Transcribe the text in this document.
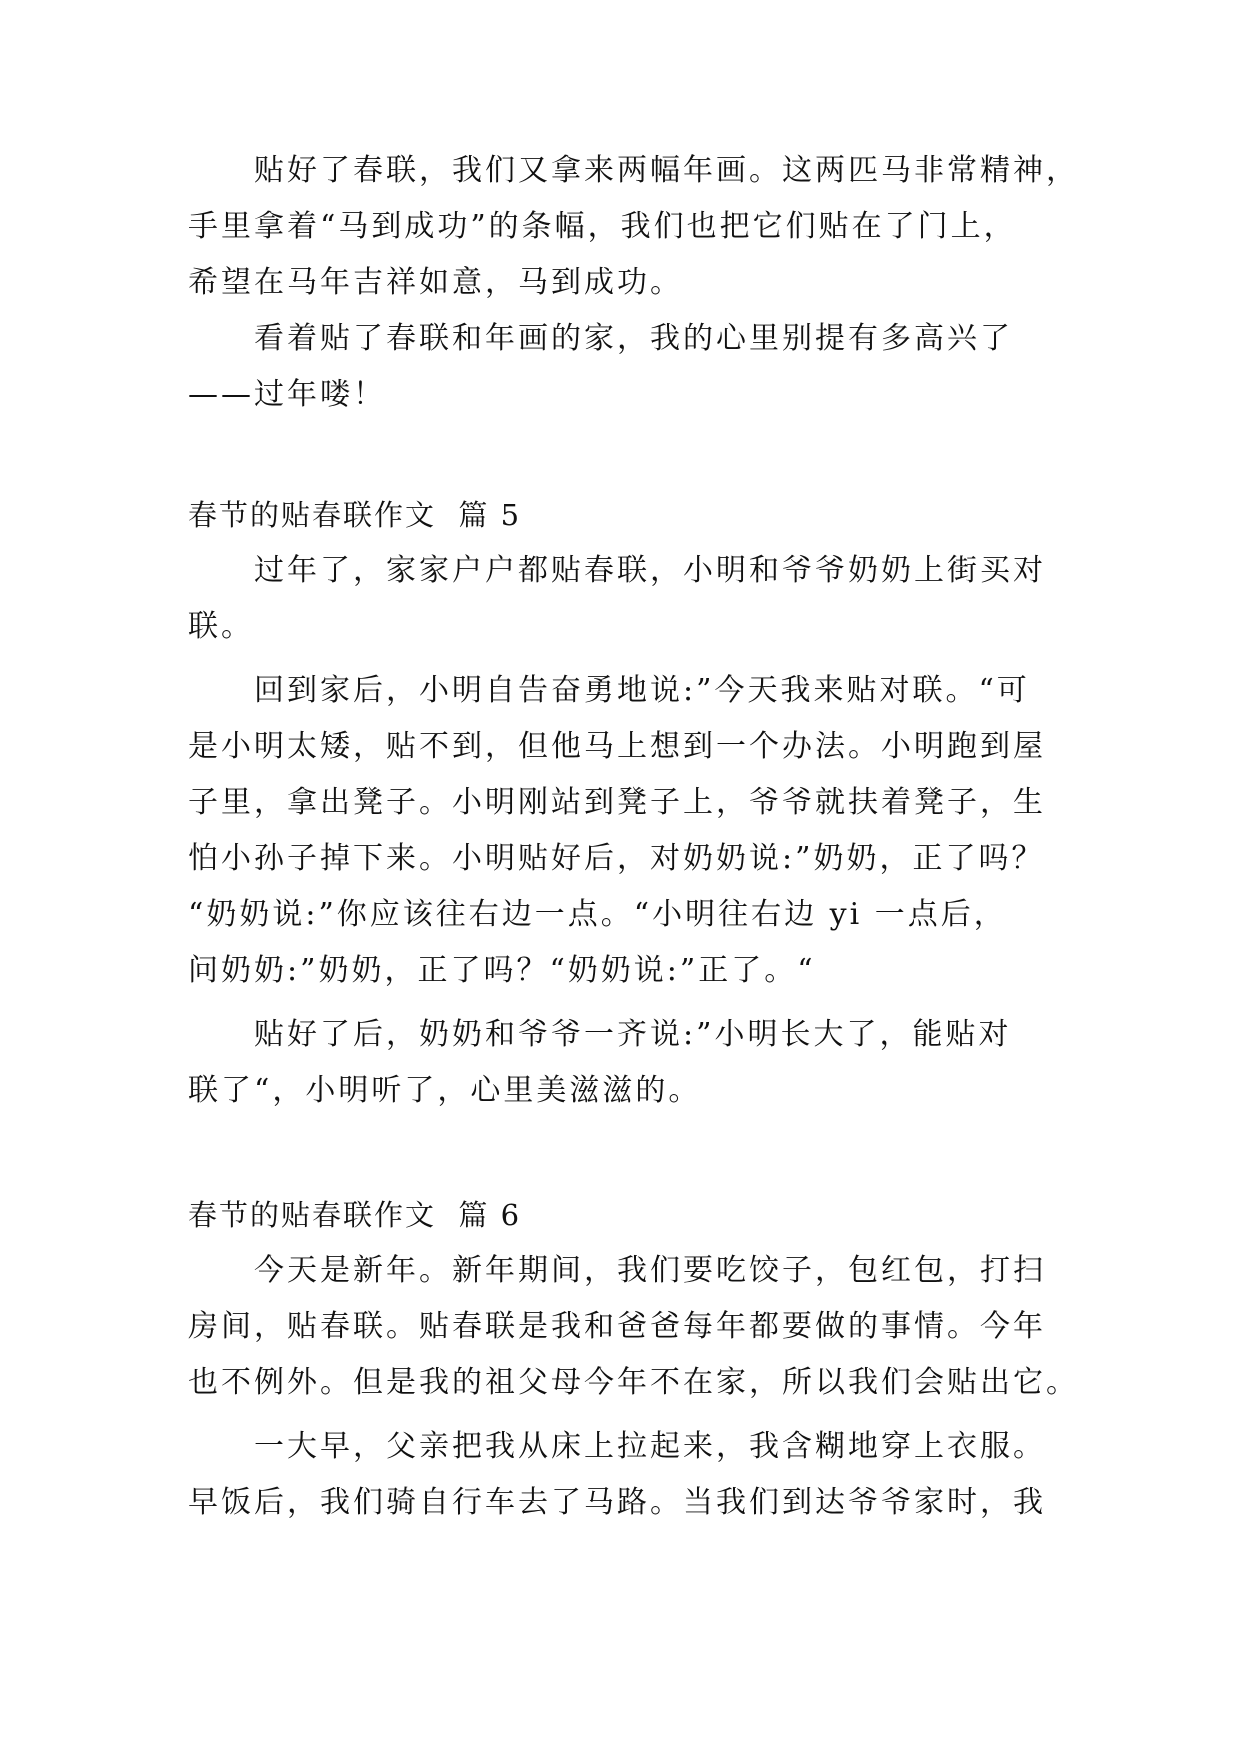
贴好了春联，我们又拿来两幅年画。这两匹马非常精神，
手里拿着“马到成功”的条幅，我们也把它们贴在了门上，
希望在马年吉祥如意，马到成功。
看着贴了春联和年画的家，我的心里别提有多高兴了
——过年喽！
春节的贴春联作文  篇 5
过年了，家家户户都贴春联，小明和爷爷奶奶上街买对
联。
回到家后，小明自告奋勇地说:”今天我来贴对联。“可
是小明太矮，贴不到，但他马上想到一个办法。小明跑到屋
子里，拿出凳子。小明刚站到凳子上，爷爷就扶着凳子，生
怕小孙子掉下来。小明贴好后，对奶奶说:”奶奶，正了吗？
“奶奶说:”你应该往右边一点。“小明往右边 yi 一点后，
问奶奶:”奶奶，正了吗？“奶奶说:”正了。“
贴好了后，奶奶和爷爷一齐说:”小明长大了，能贴对
联了“，小明听了，心里美滋滋的。
春节的贴春联作文  篇 6
今天是新年。新年期间，我们要吃饺子，包红包，打扫
房间，贴春联。贴春联是我和爸爸每年都要做的事情。今年
也不例外。但是我的祖父母今年不在家，所以我们会贴出它。
一大早，父亲把我从床上拉起来，我含糊地穿上衣服。
早饭后，我们骑自行车去了马路。当我们到达爷爷家时，我
